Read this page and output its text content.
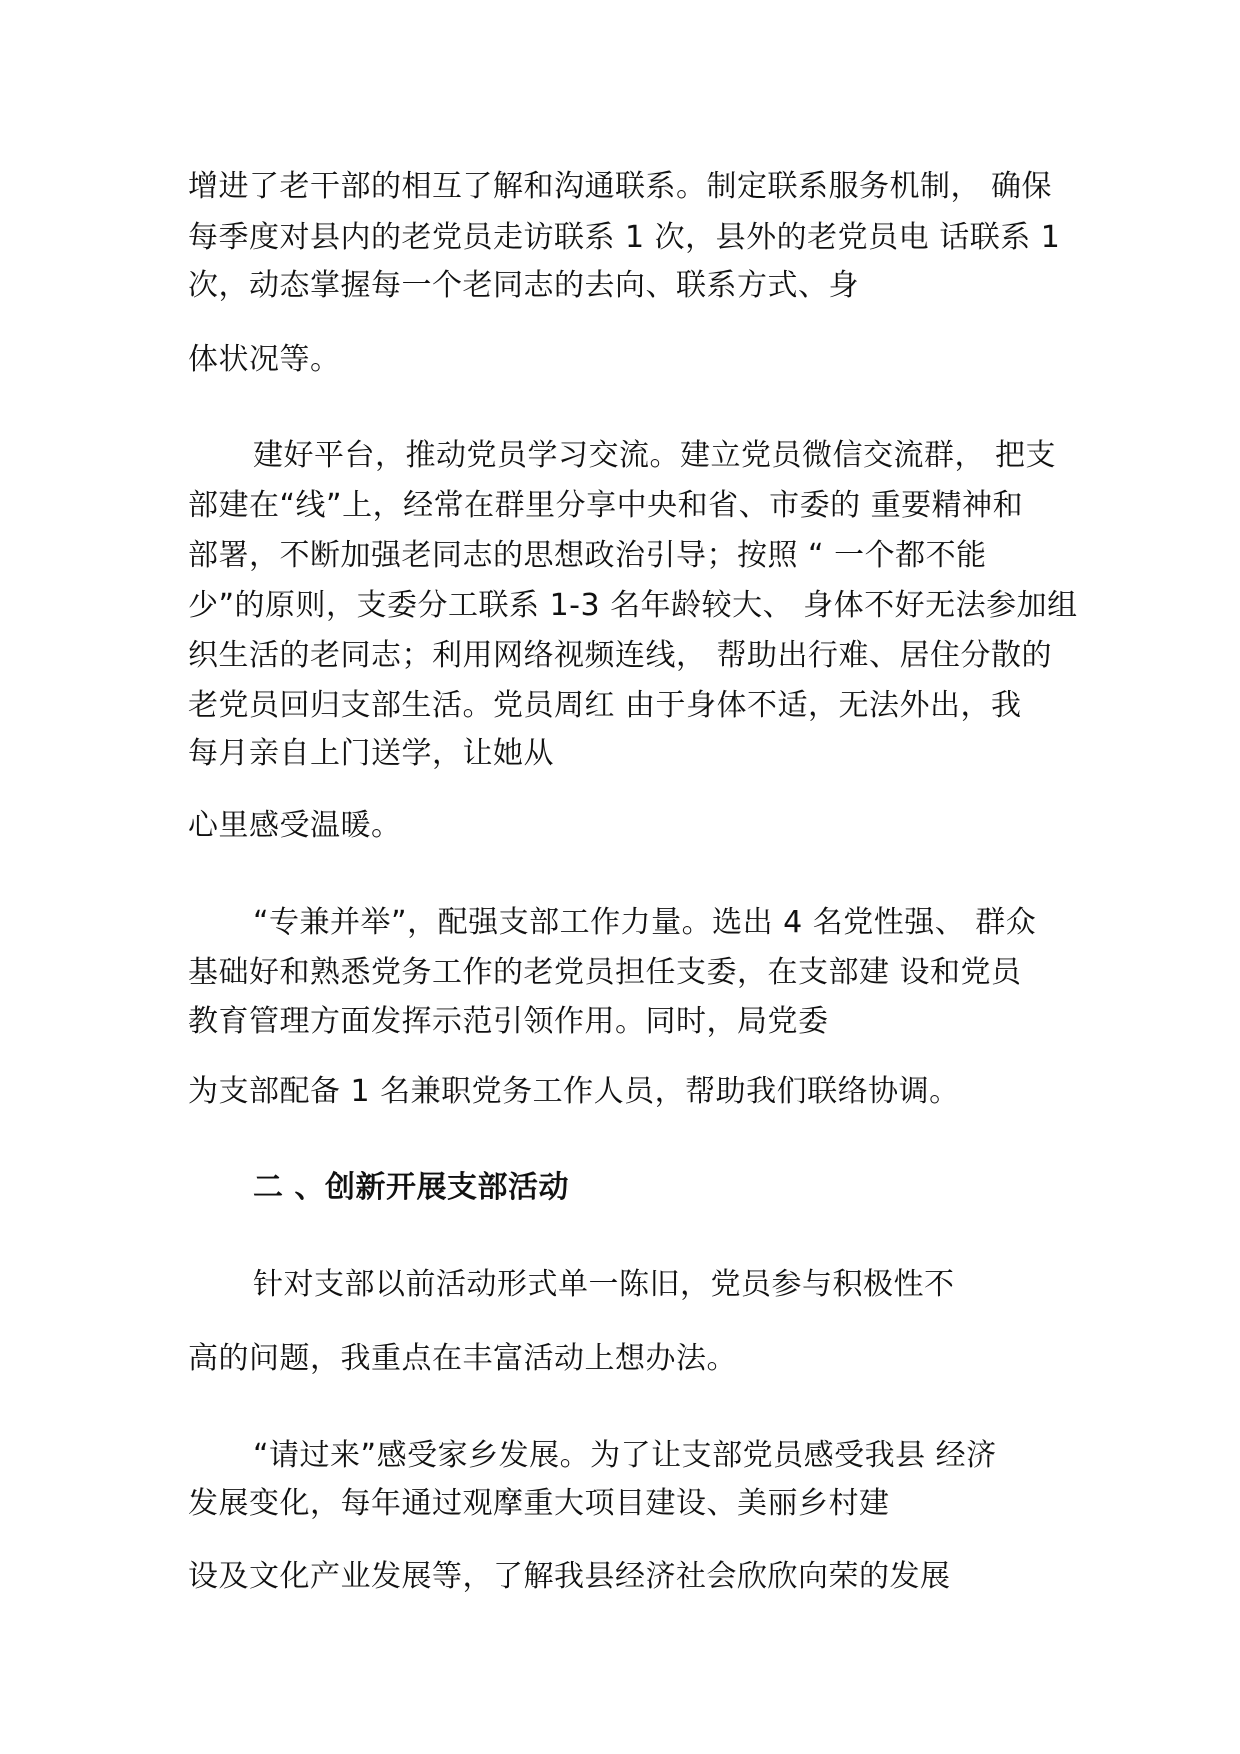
增进了老干部的相互了解和沟通联系。制定联系服务机制， 确保
每季度对县内的老党员走访联系 1 次，县外的老党员电 话联系 1
次，动态掌握每一个老同志的去向、联系方式、身
体状况等。
建好平台，推动党员学习交流。建立党员微信交流群， 把支
部建在“线”上，经常在群里分享中央和省、市委的 重要精神和
部署，不断加强老同志的思想政治引导；按照 “ 一个都不能
少”的原则，支委分工联系 1-3 名年龄较大、 身体不好无法参加组
织生活的老同志；利用网络视频连线， 帮助出行难、居住分散的
老党员回归支部生活。党员周红 由于身体不适，无法外出，我
每月亲自上门送学，让她从
心里感受温暖。
“专兼并举”，配强支部工作力量。选出 4 名党性强、 群众
基础好和熟悉党务工作的老党员担任支委，在支部建 设和党员
教育管理方面发挥示范引领作用。同时，局党委
为支部配备 1 名兼职党务工作人员，帮助我们联络协调。
二 、创新开展支部活动
针对支部以前活动形式单一陈旧，党员参与积极性不
高的问题，我重点在丰富活动上想办法。
“请过来”感受家乡发展。为了让支部党员感受我县 经济
发展变化，每年通过观摩重大项目建设、美丽乡村建
设及文化产业发展等，了解我县经济社会欣欣向荣的发展
